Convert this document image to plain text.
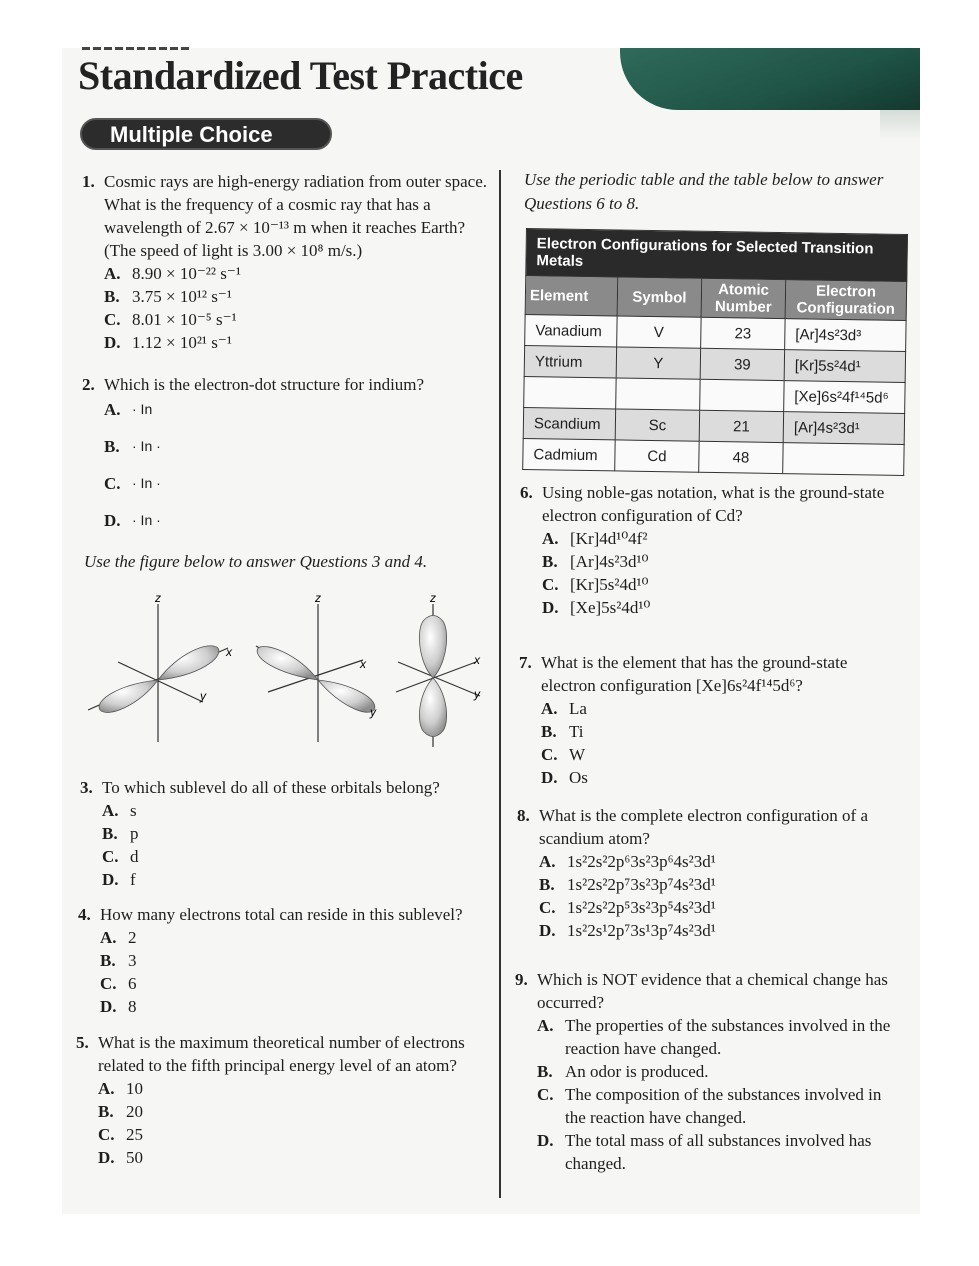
Standardized Test Practice
Multiple Choice
1. Cosmic rays are high-energy radiation from outer space. What is the frequency of a cosmic ray that has a wavelength of 2.67 × 10⁻¹³ m when it reaches Earth? (The speed of light is 3.00 × 10⁸ m/s.)
A. 8.90 × 10⁻²² s⁻¹
B. 3.75 × 10¹² s⁻¹
C. 8.01 × 10⁻⁵ s⁻¹
D. 1.12 × 10²¹ s⁻¹
2. Which is the electron-dot structure for indium?
A. · In
B. · In ·
C. · In ·
D. · In ·
Use the figure below to answer Questions 3 and 4.
z
x
y
z
x
y
z
x
y
3. To which sublevel do all of these orbitals belong?
A. s
B. p
C. d
D. f
4. How many electrons total can reside in this sublevel?
A. 2
B. 3
C. 6
D. 8
5. What is the maximum theoretical number of electrons related to the fifth principal energy level of an atom?
A. 10
B. 20
C. 25
D. 50
Use the periodic table and the table below to answer Questions 6 to 8.
Electron Configurations for Selected Transition Metals			
Element	Symbol	Atomic Number	Electron Configuration
Vanadium	V	23	[Ar]4s²3d³
Yttrium	Y	39	[Kr]5s²4d¹
			[Xe]6s²4f¹⁴5d⁶
Scandium	Sc	21	[Ar]4s²3d¹
Cadmium	Cd	48	
6. Using noble-gas notation, what is the ground-state electron configuration of Cd?
A. [Kr]4d¹⁰4f²
B. [Ar]4s²3d¹⁰
C. [Kr]5s²4d¹⁰
D. [Xe]5s²4d¹⁰
7. What is the element that has the ground-state electron configuration [Xe]6s²4f¹⁴5d⁶?
A. La
B. Ti
C. W
D. Os
8. What is the complete electron configuration of a scandium atom?
A. 1s²2s²2p⁶3s²3p⁶4s²3d¹
B. 1s²2s²2p⁷3s²3p⁷4s²3d¹
C. 1s²2s²2p⁵3s²3p⁵4s²3d¹
D. 1s²2s¹2p⁷3s¹3p⁷4s²3d¹
9. Which is NOT evidence that a chemical change has occurred?
A. The properties of the substances involved in the reaction have changed.
B. An odor is produced.
C. The composition of the substances involved in the reaction have changed.
D. The total mass of all substances involved has changed.
